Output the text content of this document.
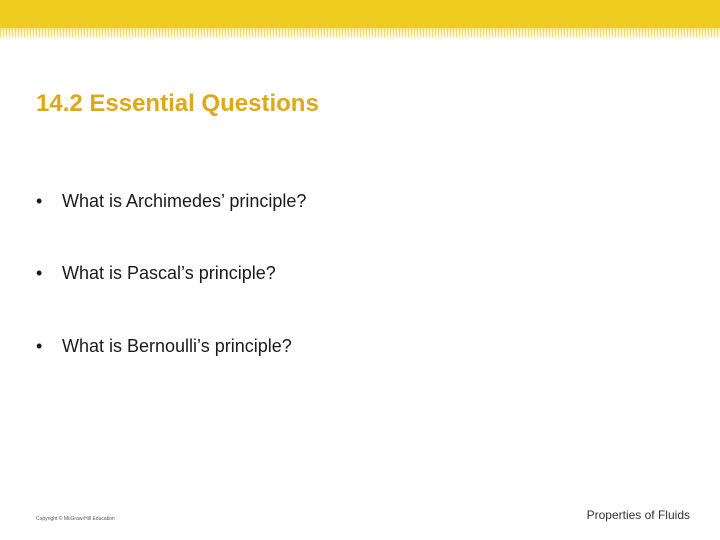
14.2 Essential Questions
• What is Archimedes’ principle?
• What is Pascal’s principle?
• What is Bernoulli’s principle?
Copyright © McGraw-Hill Education	Properties of Fluids
